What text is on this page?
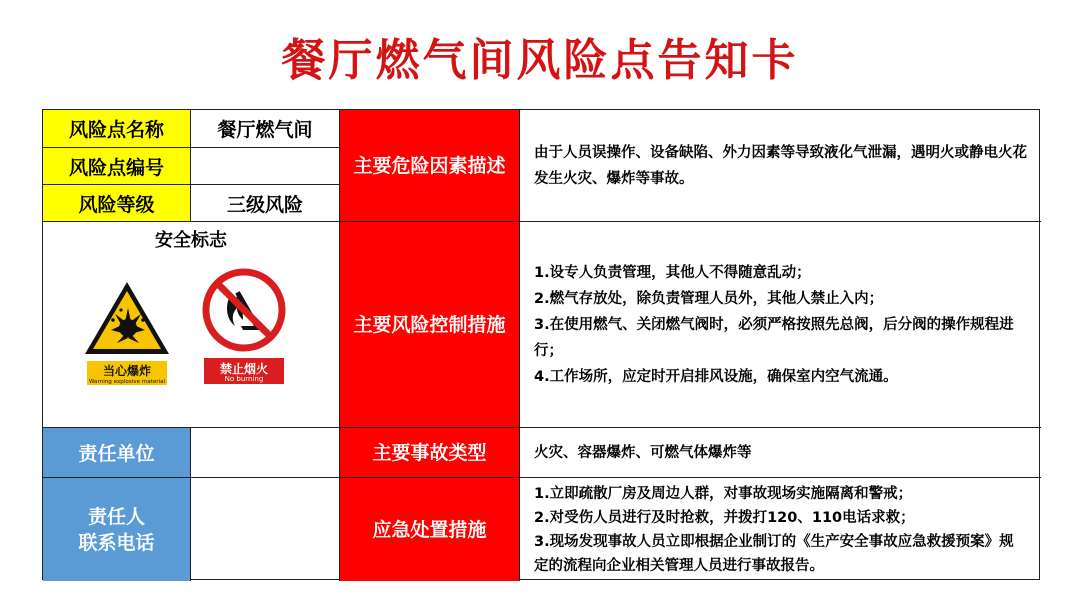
餐厅燃气间风险点告知卡
风险点名称	餐厅燃气间
风险点编号
风险等级	三级风险
安全标志
当心爆炸
Warning explosive material
禁止烟火
No burning
责任单位
责任人
联系电话
主要危险因素描述
主要风险控制措施
主要事故类型
应急处置措施
由于人员误操作、设备缺陷、外力因素等导致液化气泄漏，遇明火或静电火花发生火灾、爆炸等事故。

1.设专人负责管理，其他人不得随意乱动；

2.燃气存放处，除负责管理人员外，其他人禁止入内；

3.在使用燃气、关闭燃气阀时，必须严格按照先总阀，后分阀的操作规程进行；

4.工作场所，应定时开启排风设施，确保室内空气流通。

火灾、容器爆炸、可燃气体爆炸等

1.立即疏散厂房及周边人群，对事故现场实施隔离和警戒；

2.对受伤人员进行及时抢救，并拨打120、110电话求救；

3.现场发现事故人员立即根据企业制订的《生产安全事故应急救援预案》规定的流程向企业相关管理人员进行事故报告。
